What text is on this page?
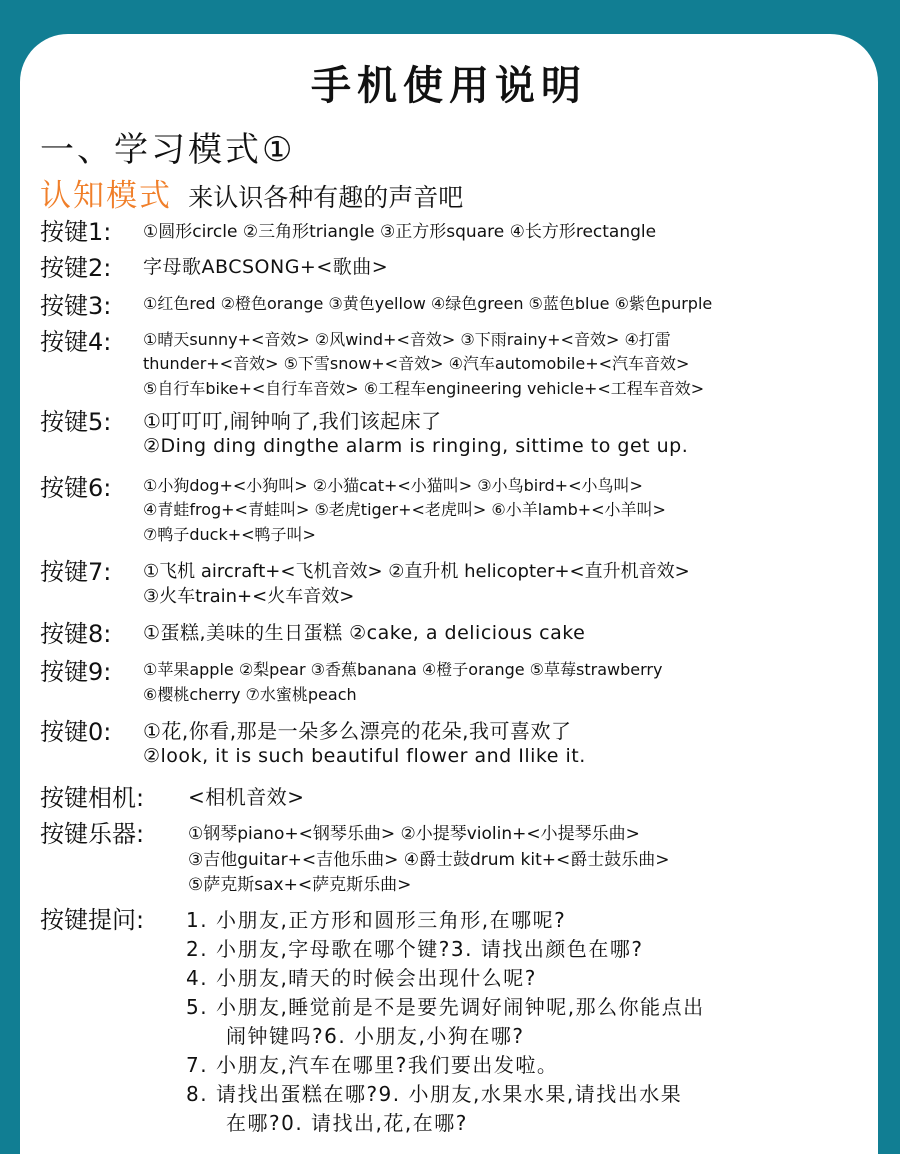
手机使用说明
一、学习模式①
认知模式 来认识各种有趣的声音吧
按键1: ①圆形circle ②三角形triangle ③正方形square ④长方形rectangle
按键2: 字母歌ABCSONG+<歌曲>
按键3: ①红色red ②橙色orange ③黄色yellow ④绿色green ⑤蓝色blue ⑥紫色purple
按键4: ①晴天sunny+<音效> ②风wind+<音效> ③下雨rainy+<音效> ④打雷
thunder+<音效> ⑤下雪snow+<音效> ④汽车automobile+<汽车音效>
⑤自行车bike+<自行车音效> ⑥工程车engineering vehicle+<工程车音效>
按键5: ①叮叮叮,闹钟响了,我们该起床了
②Ding ding dingthe alarm is ringing, sittime to get up.
按键6: ①小狗dog+<小狗叫> ②小猫cat+<小猫叫> ③小鸟bird+<小鸟叫>
④青蛙frog+<青蛙叫> ⑤老虎tiger+<老虎叫> ⑥小羊lamb+<小羊叫>
⑦鸭子duck+<鸭子叫>
按键7: ①飞机 aircraft+<飞机音效> ②直升机 helicopter+<直升机音效>
③火车train+<火车音效>
按键8: ①蛋糕,美味的生日蛋糕 ②cake, a delicious cake
按键9: ①苹果apple ②梨pear ③香蕉banana ④橙子orange ⑤草莓strawberry
⑥樱桃cherry ⑦水蜜桃peach
按键0: ①花,你看,那是一朵多么漂亮的花朵,我可喜欢了
②look, it is such beautiful flower and Ilike it.
按键相机: <相机音效>
按键乐器:	①钢琴piano+<钢琴乐曲> ②小提琴violin+<小提琴乐曲>
③吉他guitar+<吉他乐曲> ④爵士鼓drum kit+<爵士鼓乐曲>
⑤萨克斯sax+<萨克斯乐曲>
按键提问: 1. 小朋友,正方形和圆形三角形,在哪呢?
2. 小朋友,字母歌在哪个键?3. 请找出颜色在哪?
4. 小朋友,晴天的时候会出现什么呢?
5. 小朋友,睡觉前是不是要先调好闹钟呢,那么你能点出
闹钟键吗?6. 小朋友,小狗在哪?
7. 小朋友,汽车在哪里?我们要出发啦。
8. 请找出蛋糕在哪?9. 小朋友,水果水果,请找出水果
在哪?0. 请找出,花,在哪?
